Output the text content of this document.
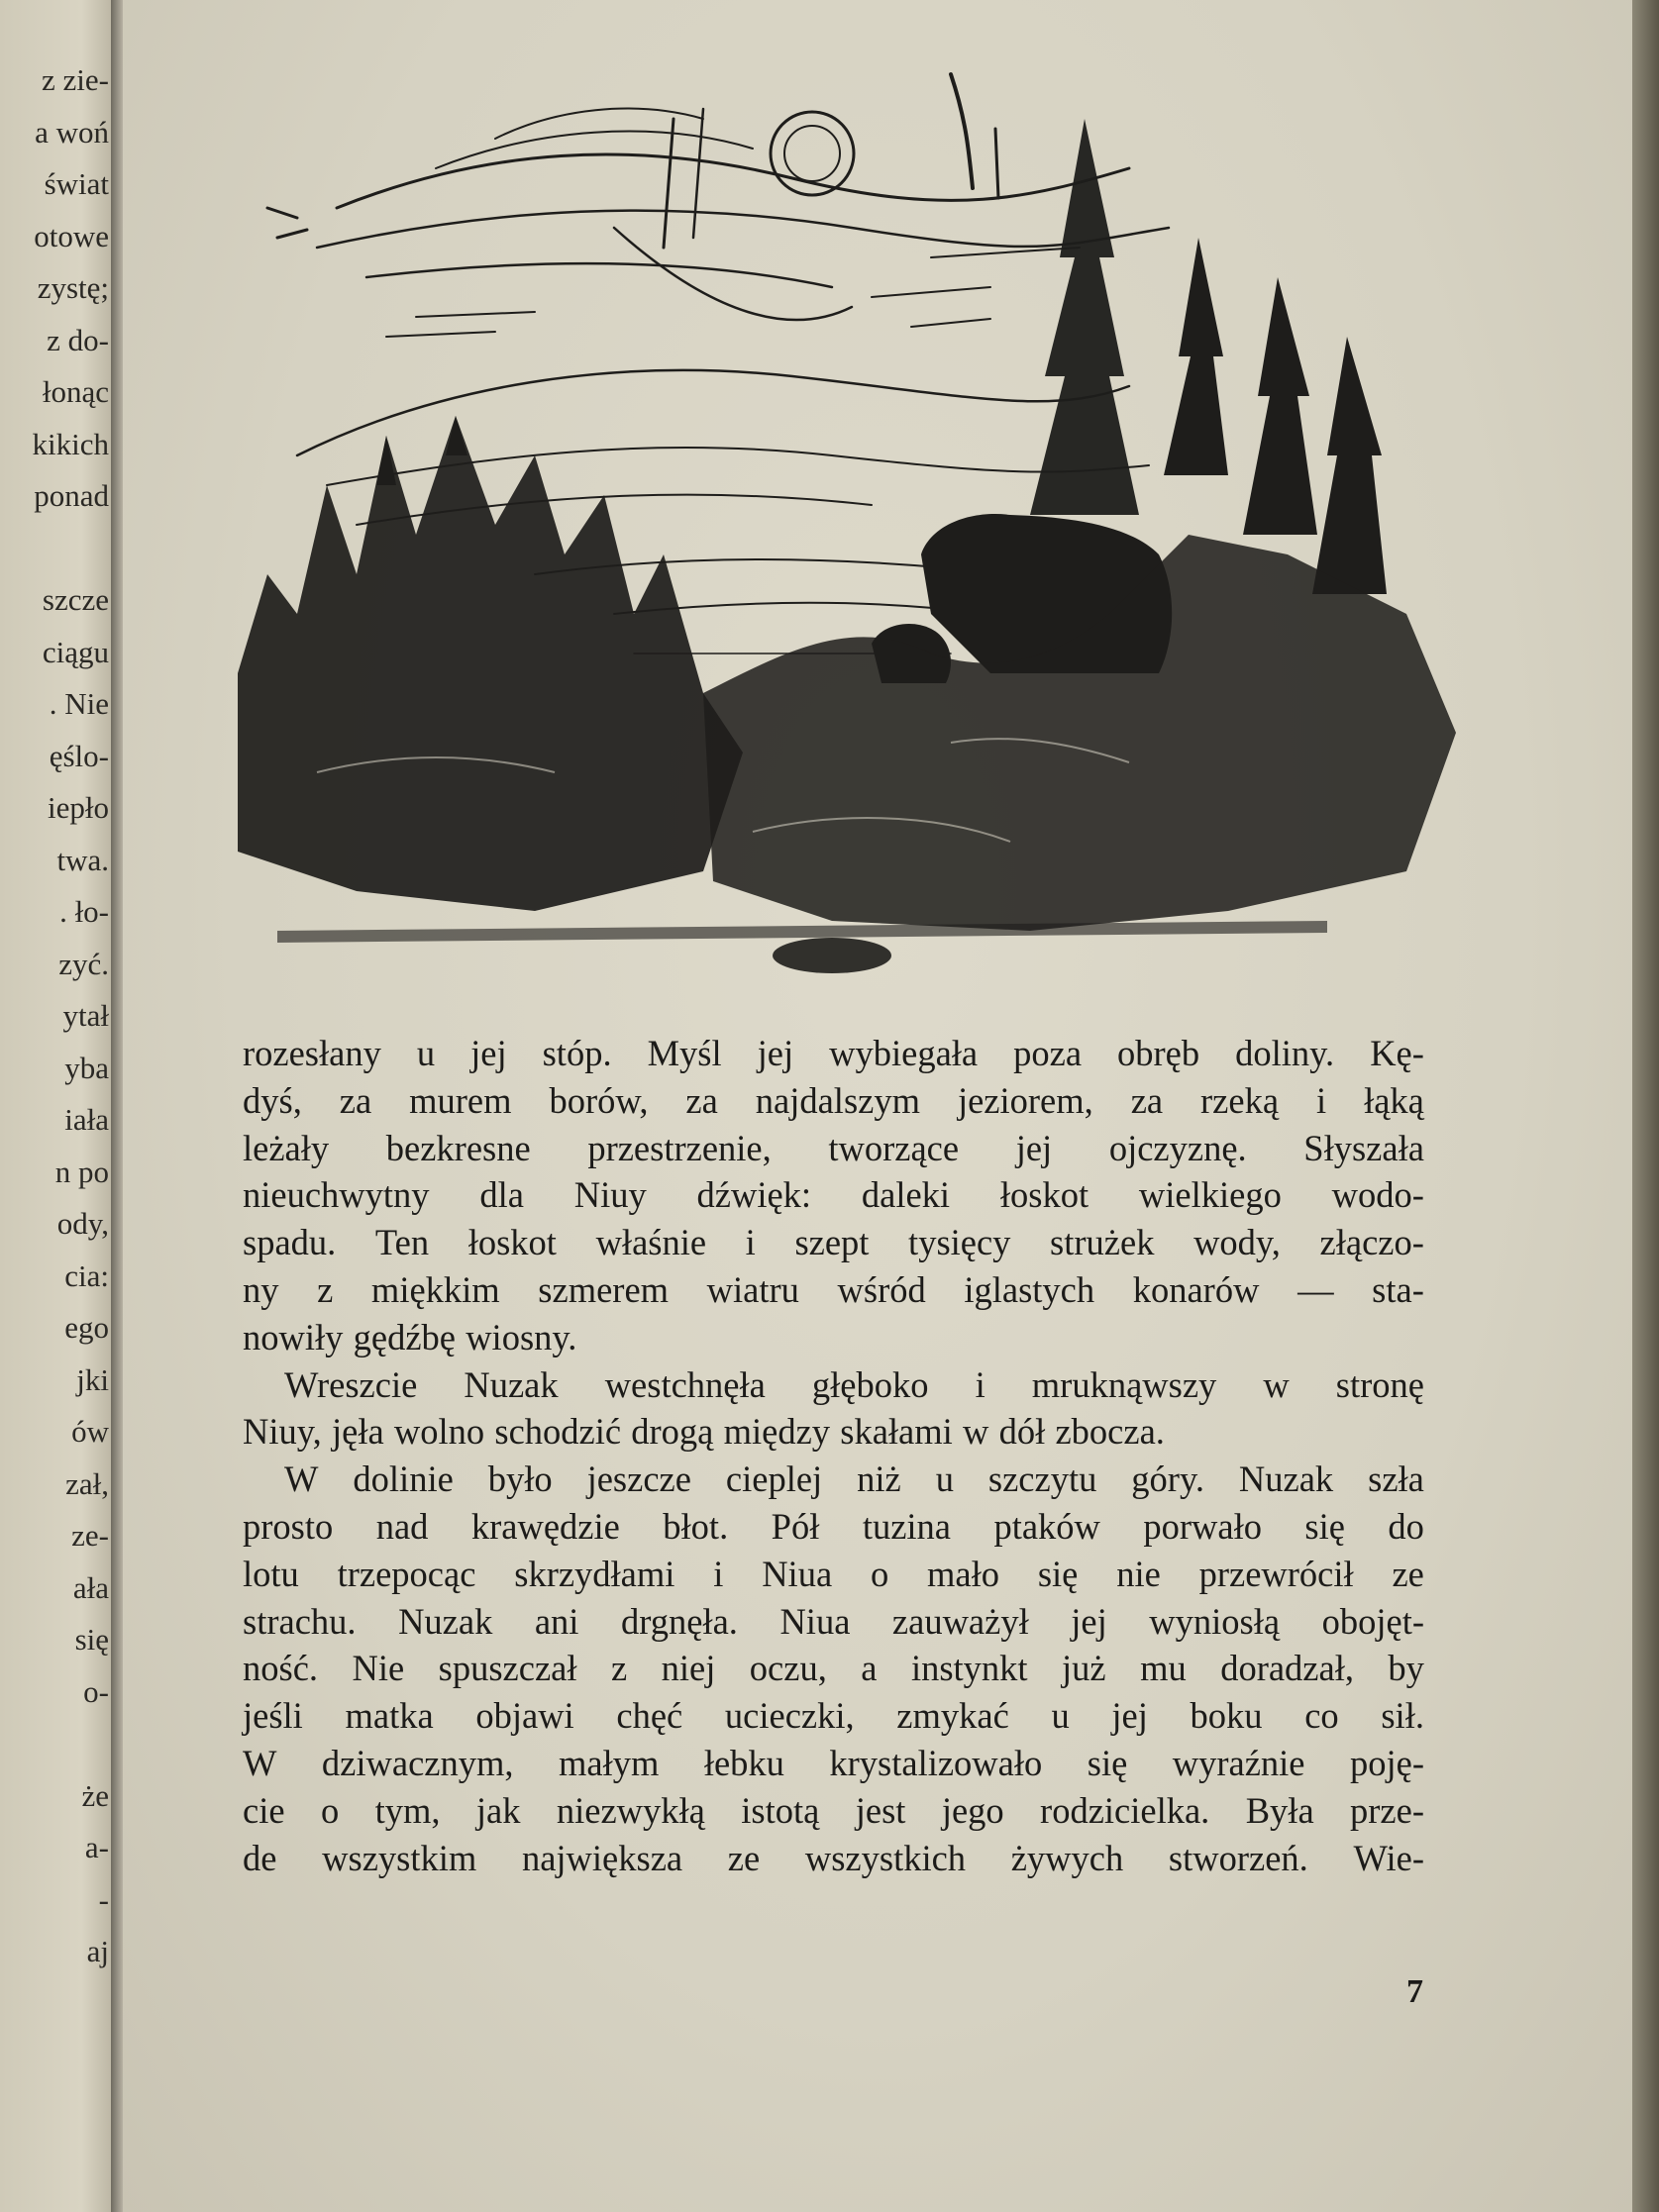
z zie-
a woń
świat
otowe
zystę;
z do-
łonąc
kikich
ponad
szcze
ciągu
. Nie
ęślo-
iepło
twa.
. ło-
zyć.
ytał
yba
iała
n po
ody,
cia:
ego
jki
ów
zał,
ze-
ała
się
o-
że
a-
-
aj
rozesłany u jej stóp. Myśl jej wybiegała poza obręb doliny. Kę-
dyś, za murem borów, za najdalszym jeziorem, za rzeką i łąką
leżały bezkresne przestrzenie, tworzące jej ojczyznę. Słyszała
nieuchwytny dla Niuy dźwięk: daleki łoskot wielkiego wodo-
spadu. Ten łoskot właśnie i szept tysięcy strużek wody, złączo-
ny z miękkim szmerem wiatru wśród iglastych konarów — sta-
nowiły gędźbę wiosny.
Wreszcie Nuzak westchnęła głęboko i mruknąwszy w stronę
Niuy, jęła wolno schodzić drogą między skałami w dół zbocza.
W dolinie było jeszcze cieplej niż u szczytu góry. Nuzak szła
prosto nad krawędzie błot. Pół tuzina ptaków porwało się do
lotu trzepocąc skrzydłami i Niua o mało się nie przewrócił ze
strachu. Nuzak ani drgnęła. Niua zauważył jej wyniosłą obojęt-
ność. Nie spuszczał z niej oczu, a instynkt już mu doradzał, by
jeśli matka objawi chęć ucieczki, zmykać u jej boku co sił.
W dziwacznym, małym łebku krystalizowało się wyraźnie poję-
cie o tym, jak niezwykłą istotą jest jego rodzicielka. Była prze-
de wszystkim największa ze wszystkich żywych stworzeń. Wie-
7
